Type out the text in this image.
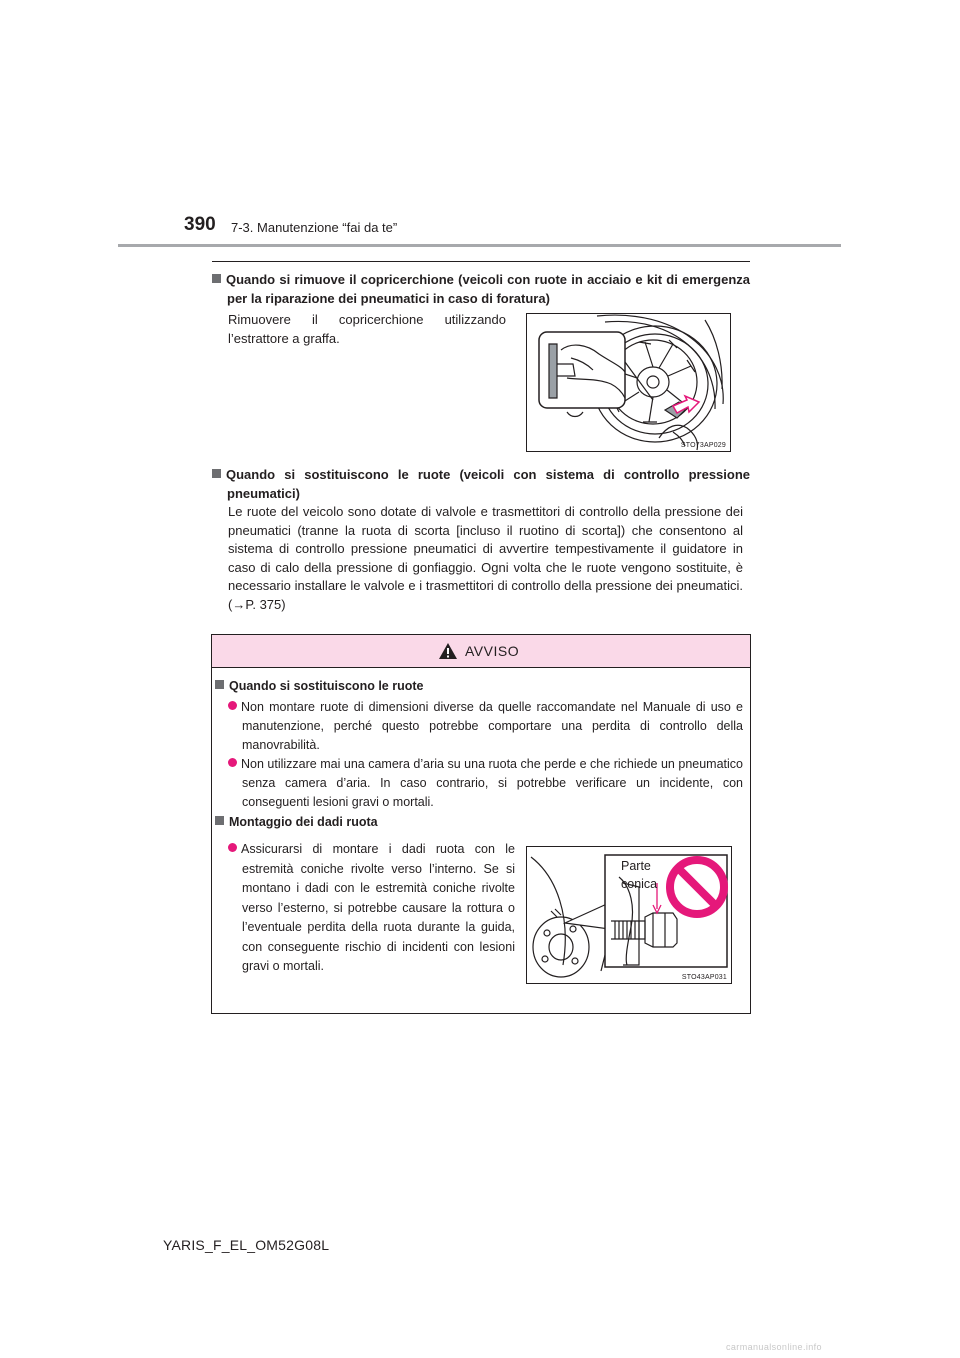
390 7-3. Manutenzione “fai da te”
Quando si rimuove il copricerchione (veicoli con ruote in acciaio e kit di emergenza per la riparazione dei pneumatici in caso di foratura)
Rimuovere il copricerchione utilizzando
l’estrattore a graffa.
STO73AP029
Quando si sostituiscono le ruote (veicoli con sistema di controllo pressione pneumatici)
Le ruote del veicolo sono dotate di valvole e trasmettitori di controllo della pressione dei pneumatici (tranne la ruota di scorta [incluso il ruotino di scorta]) che consentono al sistema di controllo pressione pneumatici di avvertire tempestivamente il guidatore in caso di calo della pressione di gonfiaggio. Ogni volta che le ruote vengono sostituite, è necessario installare le valvole e i trasmettitori di controllo della pressione dei pneumatici. (→P. 375)
AVVISO
Quando si sostituiscono le ruote
Non montare ruote di dimensioni diverse da quelle raccomandate nel Manuale di uso e manutenzione, perché questo potrebbe comportare una perdita di controllo della manovrabilità.
Non utilizzare mai una camera d’aria su una ruota che perde e che richiede un pneumatico senza camera d’aria. In caso contrario, si potrebbe verificare un incidente, con conseguenti lesioni gravi o mortali.
Montaggio dei dadi ruota
Assicurarsi di montare i dadi ruota con le estremità coniche rivolte verso l’interno. Se si montano i dadi con le estremità coniche rivolte verso l’esterno, si potrebbe causare la rottura o l’eventuale perdita della ruota durante la guida, con conseguente rischio di incidenti con lesioni gravi o mortali.
Parte
conica
STO43AP031
YARIS_F_EL_OM52G08L
carmanualsonline.info
